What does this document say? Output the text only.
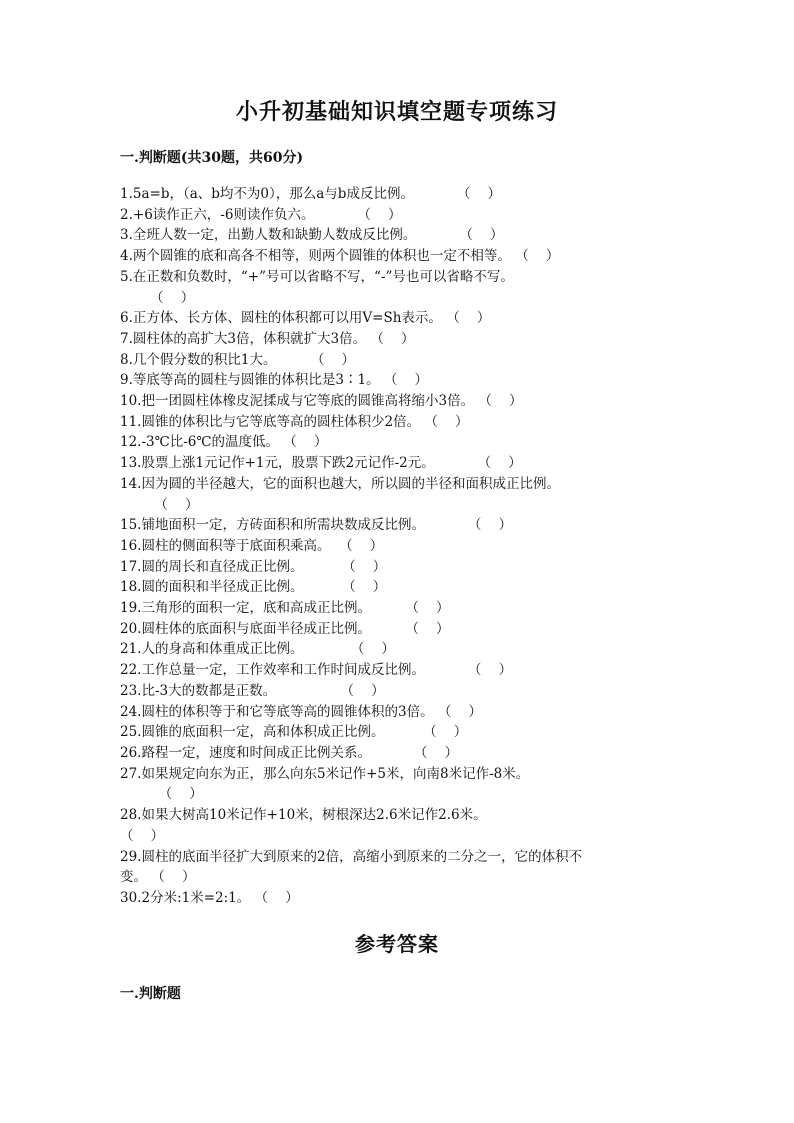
小升初基础知识填空题专项练习
一.判断题(共30题，共60分)

1.5a=b，（a、b均不为0），那么a与b成反比例。	（    ）

2.+6读作正六，-6则读作负六。	（    ）

3.全班人数一定，出勤人数和缺勤人数成反比例。	（    ）

4.两个圆锥的底和高各不相等，则两个圆锥的体积也一定不相等。 （    ）

5.在正数和负数时，“+”号可以省略不写，“-”号也可以省略不写。

（    ）

6.正方体、长方体、圆柱的体积都可以用V=Sh表示。 （    ）

7.圆柱体的高扩大3倍，体积就扩大3倍。 （    ）

8.几个假分数的积比1大。	（    ）

9.等底等高的圆柱与圆锥的体积比是3∶1。 （    ）

10.把一团圆柱体橡皮泥揉成与它等底的圆锥高将缩小3倍。 （    ）

11.圆锥的体积比与它等底等高的圆柱体积少2倍。 （    ）

12.-3℃比-6℃的温度低。 （    ）

13.股票上涨1元记作+1元，股票下跌2元记作-2元。	（    ）

14.因为圆的半径越大，它的面积也越大，所以圆的半径和面积成正比例。

（    ）

15.铺地面积一定，方砖面积和所需块数成反比例。	（    ）

16.圆柱的侧面积等于底面积乘高。 （    ）

17.圆的周长和直径成正比例。	（    ）

18.圆的面积和半径成正比例。	（    ）

19.三角形的面积一定，底和高成正比例。	（    ）

20.圆柱体的底面积与底面半径成正比例。	（    ）

21.人的身高和体重成正比例。	（    ）

22.工作总量一定，工作效率和工作时间成反比例。	（    ）

23.比-3大的数都是正数。	（    ）

24.圆柱的体积等于和它等底等高的圆锥体积的3倍。 （    ）

25.圆锥的底面积一定，高和体积成正比例。	（    ）

26.路程一定，速度和时间成正比例关系。	（    ）

27.如果规定向东为正，那么向东5米记作+5米，向南8米记作-8米。

（    ）

28.如果大树高10米记作+10米，树根深达2.6米记作2.6米。

（    ）

29.圆柱的底面半径扩大到原来的2倍，高缩小到原来的二分之一，它的体积不

变。 （    ）

30.2分米:1米=2:1。 （    ）

参考答案
一.判断题
